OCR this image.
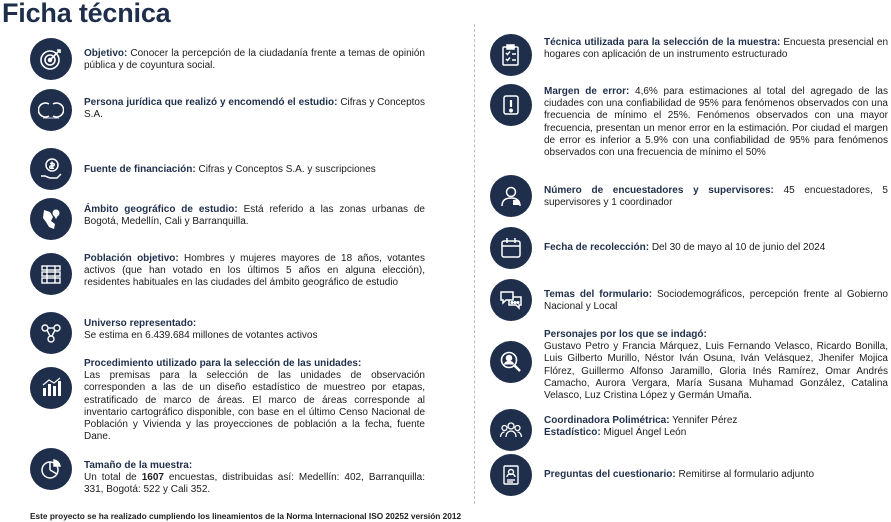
Ficha técnica
Objetivo: Conocer la percepción de la ciudadanía frente a temas de opinión pública y de coyuntura social.
Persona jurídica que realizó y encomendó el estudio: Cifras y Conceptos S.A.
Fuente de financiación: Cifras y Conceptos S.A. y suscripciones
Ámbito geográfico de estudio: Está referido a las zonas urbanas de Bogotá, Medellín, Cali y Barranquilla.
Población objetivo: Hombres y mujeres mayores de 18 años, votantes activos (que han votado en los últimos 5 años en alguna elección), residentes habituales en las ciudades del ámbito geográfico de estudio
Universo representado:
Se estima en 6.439.684 millones de votantes activos
Procedimiento utilizado para la selección de las unidades:
Las premisas para la selección de las unidades de observación corresponden a las de un diseño estadístico de muestreo por etapas, estratificado de marco de áreas. El marco de áreas corresponde al inventario cartográfico disponible, con base en el último Censo Nacional de Población y Vivienda y las proyecciones de población a la fecha, fuente Dane.
Tamaño de la muestra:
Un total de 1607 encuestas, distribuidas así: Medellín: 402, Barranquilla: 331, Bogotá: 522 y Cali 352.
Técnica utilizada para la selección de la muestra: Encuesta presencial en hogares con aplicación de un instrumento estructurado
Margen de error: 4,6% para estimaciones al total del agregado de las ciudades con una confiabilidad de 95% para fenómenos observados con una frecuencia de mínimo el 25%. Fenómenos observados con una mayor frecuencia, presentan un menor error en la estimación. Por ciudad el margen de error es inferior a 5.9% con una confiabilidad de 95% para fenómenos observados con una frecuencia de mínimo el 50%
Número de encuestadores y supervisores: 45 encuestadores, 5 supervisores y 1 coordinador
Fecha de recolección: Del 30 de mayo al 10 de junio del 2024
Temas del formulario: Sociodemográficos, percepción frente al Gobierno Nacional y Local
Personajes por los que se indagó:
Gustavo Petro y Francia Márquez, Luis Fernando Velasco, Ricardo Bonilla, Luis Gilberto Murillo, Néstor Iván Osuna, Iván Velásquez, Jhenifer Mojica Flórez, Guillermo Alfonso Jaramillo, Gloria Inés Ramírez, Omar Andrés Camacho, Aurora Vergara, María Susana Muhamad González, Catalina Velasco, Luz Cristina López y Germán Umaña.
Coordinadora Polimétrica: Yennifer Pérez
Estadístico: Miguel Ángel León
Preguntas del cuestionario: Remitirse al formulario adjunto
Este proyecto se ha realizado cumpliendo los lineamientos de la Norma Internacional ISO 20252 versión 2012
